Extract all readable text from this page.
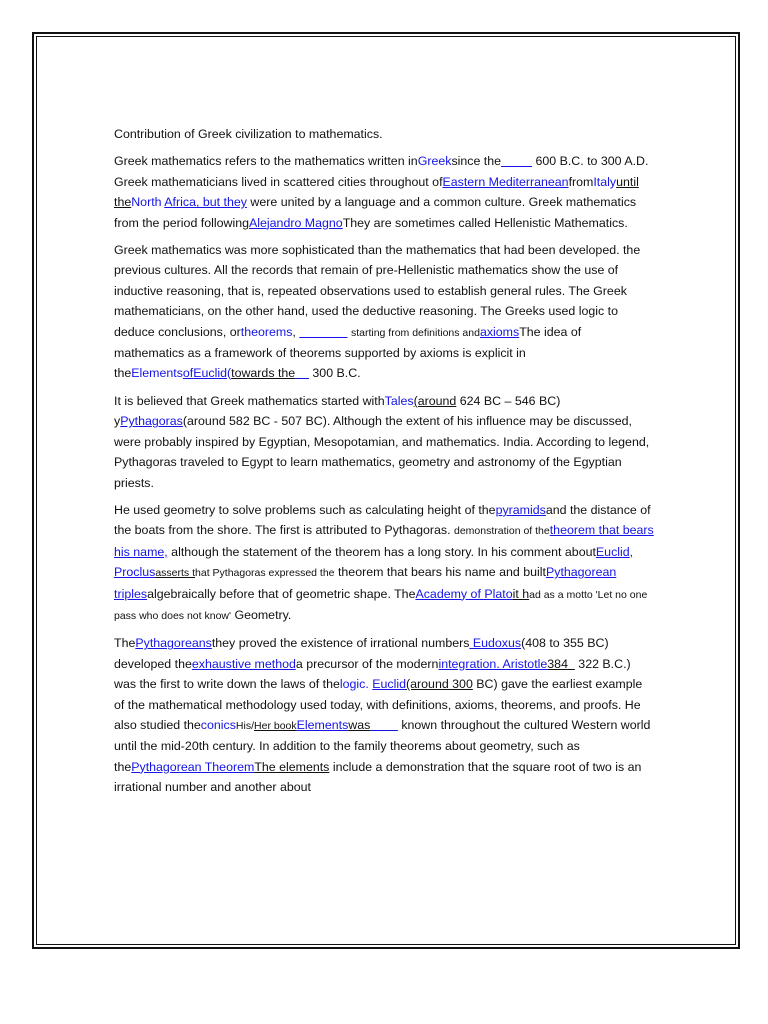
Contribution of Greek civilization to mathematics.

Greek mathematics refers to the mathematics written inGreeksince the          600 B.C. to 300 A.D. Greek mathematicians lived in scattered cities throughout ofEastern MediterraneanfromItalyuntil theNorth Africa, but they were united by a language and a common culture. Greek mathematics from the period followingAlejandro MagnoThey are sometimes called Hellenistic Mathematics.

Greek mathematics was more sophisticated than the mathematics that had been developed. the previous cultures. All the records that remain of pre-Hellenistic mathematics show the use of inductive reasoning, that is, repeated observations used to establish general rules. The Greek mathematicians, on the other hand, used the deductive reasoning. The Greeks used logic to deduce conclusions, ortheorems,	starting from definitions andaxiomsThe idea of mathematics as a framework of theorems supported by axioms is explicit in theElementsofEuclid(towards the     300 B.C.

It is believed that Greek mathematics started withTales(around 624 BC – 546 BC) yPythagoras(around 582 BC - 507 BC). Although the extent of his influence may be discussed, were probably inspired by Egyptian, Mesopotamian, and mathematics. India. According to legend, Pythagoras traveled to Egypt to learn mathematics, geometry and astronomy of the Egyptian priests.

He used geometry to solve problems such as calculating height of thepyramidsand the distance of the boats from the shore. The first is attributed to Pythagoras. demonstration of thetheorem that bears his name, although the statement of the theorem has a long story. In his comment aboutEuclid, Proclusasserts that Pythagoras expressed the theorem that bears his name and builtPythagorean triplesalgebraically before that of geometric shape. TheAcademy of Platoit had as a motto 'Let no one pass who does not know' Geometry.

ThePythagoreansthey proved the existence of irrational numbers Eudoxus(408 to 355 BC) developed theexhaustive methoda precursor of the modernintegration. Aristotle384   322 B.C.) was the first to write down the laws of thelogic. Euclid(around 300 BC) gave the earliest example of the mathematical methodology used today, with definitions, axioms, theorems, and proofs. He also studied theconicsHis/Her bookElementswas         known throughout the cultured Western world until the mid-20th century. In addition to the family theorems about geometry, such as thePythagorean TheoremThe elements include a demonstration that the square root of two is an irrational number and another about
